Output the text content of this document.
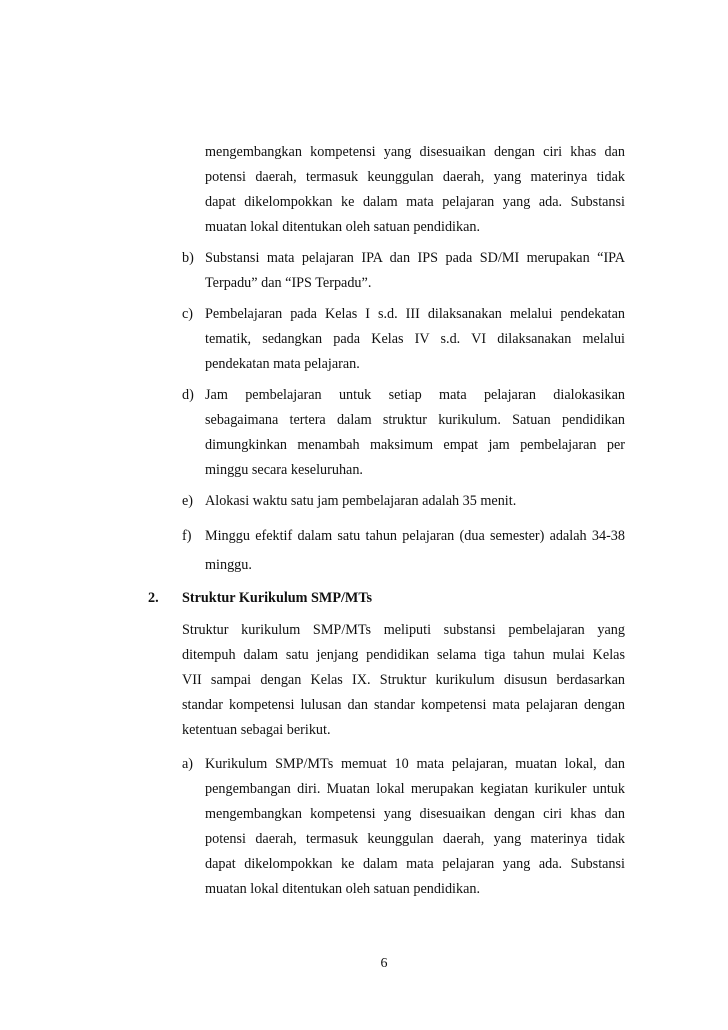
mengembangkan kompetensi yang disesuaikan dengan ciri khas dan
potensi daerah, termasuk keunggulan daerah, yang materinya tidak
dapat dikelompokkan ke dalam mata pelajaran yang ada. Substansi
muatan lokal ditentukan oleh satuan pendidikan.
b) Substansi mata pelajaran IPA dan IPS pada SD/MI merupakan “IPA
Terpadu” dan “IPS Terpadu”.
c) Pembelajaran pada Kelas I s.d. III dilaksanakan melalui pendekatan
tematik, sedangkan pada Kelas IV s.d. VI dilaksanakan melalui
pendekatan mata pelajaran.
d) Jam pembelajaran untuk setiap mata pelajaran dialokasikan
sebagaimana tertera dalam struktur kurikulum. Satuan pendidikan
dimungkinkan menambah maksimum empat jam pembelajaran per
minggu secara keseluruhan.
e) Alokasi waktu satu jam pembelajaran adalah 35 menit.
f) Minggu efektif dalam satu tahun pelajaran (dua semester) adalah 34-38
minggu.
2. Struktur Kurikulum SMP/MTs
Struktur kurikulum SMP/MTs meliputi substansi pembelajaran yang
ditempuh dalam satu jenjang pendidikan selama tiga tahun mulai Kelas
VII sampai dengan Kelas IX. Struktur kurikulum disusun berdasarkan
standar kompetensi lulusan dan standar kompetensi mata pelajaran dengan
ketentuan sebagai berikut.
a) Kurikulum SMP/MTs memuat 10 mata pelajaran, muatan lokal, dan
pengembangan diri. Muatan lokal merupakan kegiatan kurikuler untuk
mengembangkan kompetensi yang disesuaikan dengan ciri khas dan
potensi daerah, termasuk keunggulan daerah, yang materinya tidak
dapat dikelompokkan ke dalam mata pelajaran yang ada. Substansi
muatan lokal ditentukan oleh satuan pendidikan.
6
